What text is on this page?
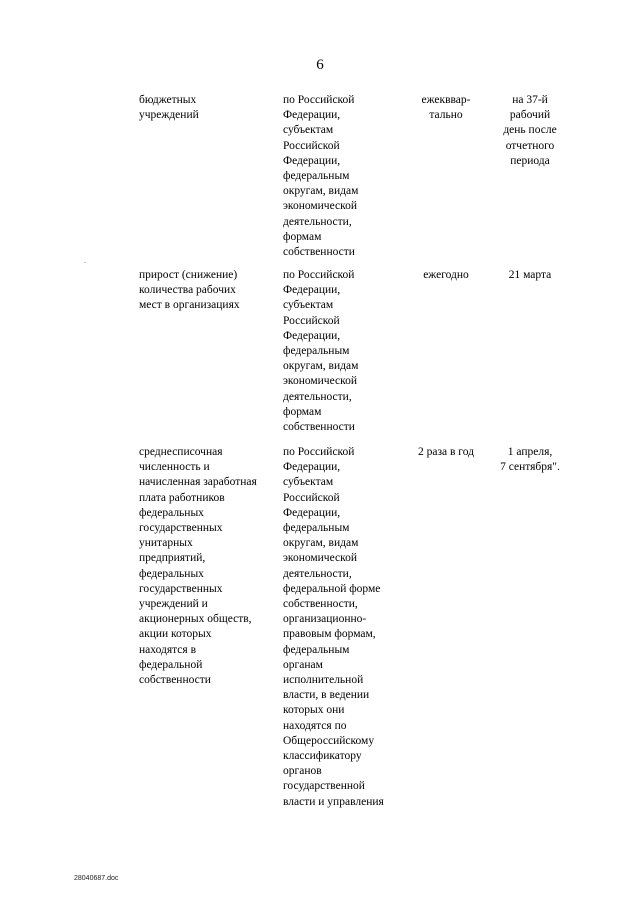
6
бюджетных
учреждений
по Российской
Федерации,
субъектам
Российской
Федерации,
федеральным
округам, видам
экономической
деятельности,
формам
собственности
ежекввар-
тально
на 37-й
рабочий
день после
отчетного
периода
прирост (снижение)
количества рабочих
мест в организациях
по Российской
Федерации,
субъектам
Российской
Федерации,
федеральным
округам, видам
экономической
деятельности,
формам
собственности
ежегодно	21 марта
среднесписочная
численность и
начисленная заработная
плата работников
федеральных
государственных
унитарных
предприятий,
федеральных
государственных
учреждений и
акционерных обществ,
акции которых
находятся в
федеральной
собственности
по Российской
Федерации,
субъектам
Российской
Федерации,
федеральным
округам, видам
экономической
деятельности,
федеральной форме
собственности,
организационно-
правовым формам,
федеральным
органам
исполнительной
власти, в ведении
которых они
находятся по
Общероссийскому
классификатору
органов
государственной
власти и управления
2 раза в год	1 апреля,
7 сентября".
28040687.doc
